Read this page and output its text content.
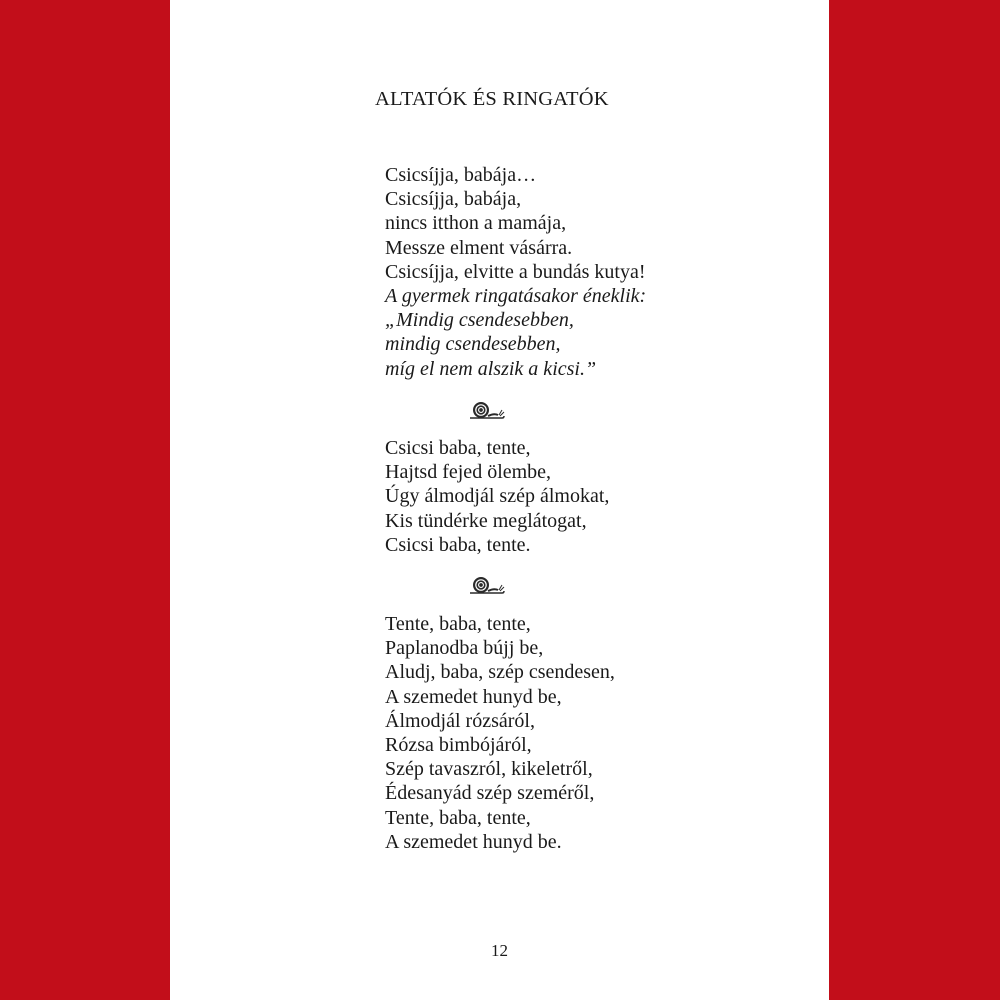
ALTATÓK ÉS RINGATÓK
Csicsíjja, babája…
Csicsíjja, babája,
nincs itthon a mamája,
Messze elment vásárra.
Csicsíjja, elvitte a bundás kutya!
A gyermek ringatásakor éneklik:
„Mindig csendesebben,
mindig csendesebben,
míg el nem alszik a kicsi.”
Csicsi baba, tente,
Hajtsd fejed ölembe,
Úgy álmodjál szép álmokat,
Kis tündérke meglátogat,
Csicsi baba, tente.
Tente, baba, tente,
Paplanodba bújj be,
Aludj, baba, szép csendesen,
A szemedet hunyd be,
Álmodjál rózsáról,
Rózsa bimbójáról,
Szép tavaszról, kikeletről,
Édesanyád szép szeméről,
Tente, baba, tente,
A szemedet hunyd be.
12
